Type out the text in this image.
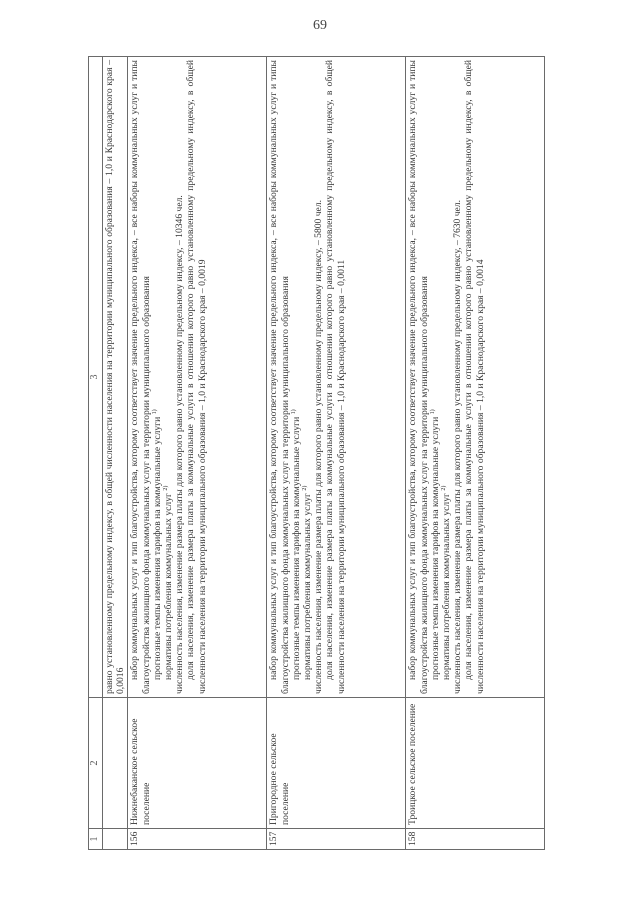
69
1	2	3
		равно установленному предельному индексу, в общей численности населения на территории муниципального образования – 1,0 и Краснодарского края – 0,0016
156	Нижнебаканское сельское поселение	набор коммунальных услуг и тип благоустройства, которому соответствует значение предельного индекса, – все наборы коммунальных услуг и типы благоустройства жилищного фонда коммунальных услуг на территории муниципального образования прогнозные темпы изменения тарифов на коммунальные услуги $^{1)}$
нормативы потребления коммунальных услуг $^{2)}$ численность населения, изменение размера платы для которого равно установленному предельному индексу, – 10346 чел. доля населения, изменение размера платы за коммунальные услуги в отношении которого равно установленному предельному индексу, в общей численности населения на территории муниципального образования – 1,0 и Краснодарского края – 0,0019

157	Пригородное сельское поселение	набор коммунальных услуг и тип благоустройства, которому соответствует значение предельного индекса, – все наборы коммунальных услуг и типы благоустройства жилищного фонда коммунальных услуг на территории муниципального образования прогнозные темпы изменения тарифов на коммунальные услуги $^{1)}$
нормативы потребления коммунальных услуг $^{2)}$ численность населения, изменение размера платы для которого равно установленному предельному индексу, – 5800 чел. доля населения, изменение размера платы за коммунальные услуги в отношении которого равно установленному предельному индексу, в общей численности населения на территории муниципального образования – 1,0 и Краснодарского края – 0,0011

158	Троицкое сельское поселение	набор коммунальных услуг и тип благоустройства, которому соответствует значение предельного индекса, – все наборы коммунальных услуг и типы благоустройства жилищного фонда коммунальных услуг на территории муниципального образования прогнозные темпы изменения тарифов на коммунальные услуги $^{1)}$
нормативы потребления коммунальных услуг $^{2)}$ численность населения, изменение размера платы для которого равно установленному предельному индексу, – 7630 чел. доля населения, изменение размера платы за коммунальные услуги в отношении которого равно установленному предельному индексу, в общей численности населения на территории муниципального образования – 1,0 и Краснодарского края – 0,0014
